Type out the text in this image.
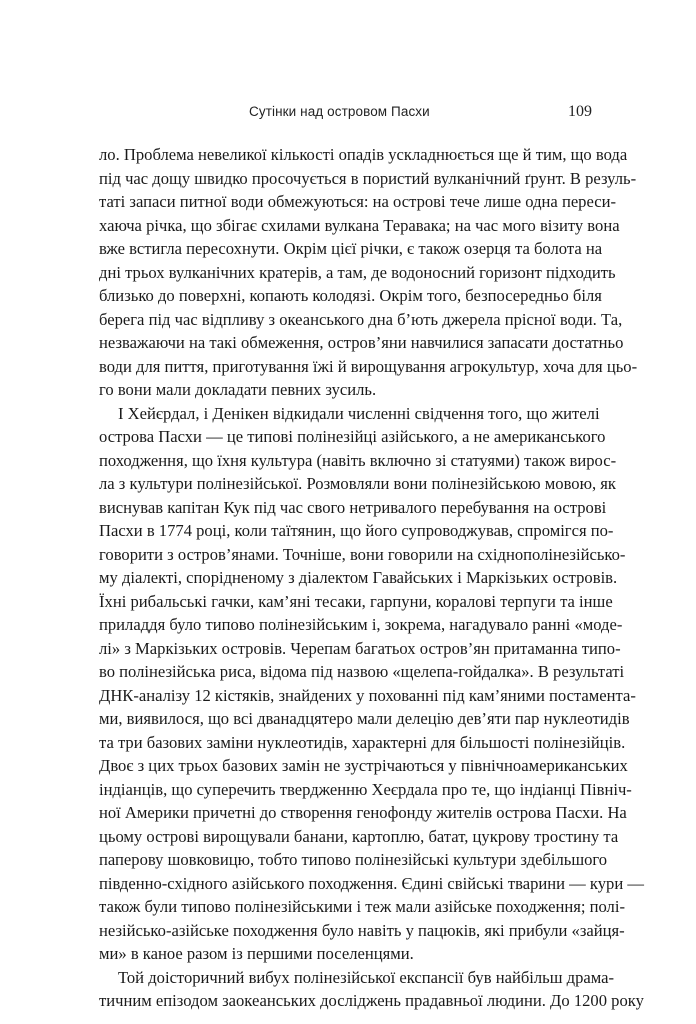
Сутінки над островом Пасхи	109
ло. Проблема невеликої кількості опадів ускладнюється ще й тим, що вода
під час дощу швидко просочується в пористий вулканічний ґрунт. В резуль-
таті запаси питної води обмежуються: на острові тече лише одна переси-
хаюча річка, що збігає схилами вулкана Теравака; на час мого візиту вона
вже встигла пересохнути. Окрім цієї річки, є також озерця та болота на
дні трьох вулканічних кратерів, а там, де водоносний горизонт підходить
близько до поверхні, копають колодязі. Окрім того, безпосередньо біля
берега під час відпливу з океанського дна б’ють джерела прісної води. Та,
незважаючи на такі обмеження, остров’яни навчилися запасати достатньо
води для пиття, приготування їжі й вирощування агрокультур, хоча для цьо-
го вони мали докладати певних зусиль.
І Хейєрдал, і Денікен відкидали численні свідчення того, що жителі
острова Пасхи — це типові полінезійці азійського, а не американського
походження, що їхня культура (навіть включно зі статуями) також вирос-
ла з культури полінезійської. Розмовляли вони полінезійською мовою, як
виснував капітан Кук під час свого нетривалого перебування на острові
Пасхи в 1774 році, коли таїтянин, що його супроводжував, спромігся по-
говорити з остров’янами. Точніше, вони говорили на східнополінезійсько-
му діалекті, спорідненому з діалектом Гавайських і Маркізьких островів.
Їхні рибальські гачки, кам’яні тесаки, гарпуни, коралові терпуги та інше
приладдя було типово полінезійським і, зокрема, нагадувало ранні «моде-
лі» з Маркізьких островів. Черепам багатьох остров’ян притаманна типо-
во полінезійська риса, відома під назвою «щелепа-гойдалка». В результаті
ДНК-аналізу 12 кістяків, знайдених у похованні під кам’яними постамента-
ми, виявилося, що всі дванадцятеро мали делецію дев’яти пар нуклеотидів
та три базових заміни нуклеотидів, характерні для більшості полінезійців.
Двоє з цих трьох базових замін не зустрічаються у північноамериканських
індіанців, що суперечить твердженню Хеєрдала про те, що індіанці Північ-
ної Америки причетні до створення генофонду жителів острова Пасхи. На
цьому острові вирощували банани, картоплю, батат, цукрову тростину та
паперову шовковицю, тобто типово полінезійські культури здебільшого
південно-східного азійського походження. Єдині свійські тварини — кури —
також були типово полінезійськими і теж мали азійське походження; полі-
незійсько-азійське походження було навіть у пацюків, які прибули «зайця-
ми» в каное разом із першими поселенцями.
Той доісторичний вибух полінезійської експансії був найбільш драма-
тичним епізодом заокеанських досліджень прадавньої людини. До 1200 року
